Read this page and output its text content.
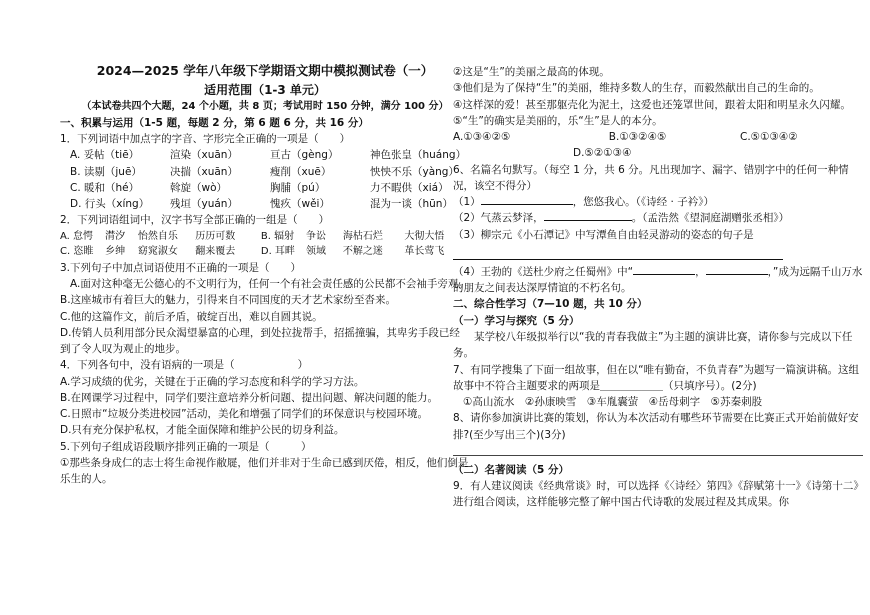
2024—2025 学年八年级下学期语文期中模拟测试卷（一）
适用范围（1-3 单元）

（本试卷共四个大题，24 个小题，共 8 页；考试用时 150 分钟，满分 100 分）

一、积累与运用（1-5 题，每题 2 分，第 6 题 6 分，共 16 分）

1．下列词语中加点字的字音、字形完全正确的一项是（　　）

A. 妥帖（tiē）	渲染（xuān）	亘古（gèng）	神色张皇（huáng）
B. 读剔（juē）	决揣（xuān）	瘦削（xuē）	怏怏不乐（yàng）
C. 暖和（hé）	斡旋（wò）	胸脯（pú）	力不暇供（xiá）
D. 行头（xíng）	残垣（yuán）	愧疚（wěi）	混为一谈（hūn）

2．下列词语组词中，汉字书写全部正确的一组是（　　）

A. 怠愕	潸汐	怡然自乐	历历可数	B. 辐射	争讼	海枯石烂	大彻大悟
C. 恣睢	乡绅	窈窕淑女	翻来覆去	D. 耳畔	领域	不解之迷	革长莺飞

3.下列句子中加点词语使用不正确的一项是（　　）

A.面对这种毫无公德心的不文明行为，任何一个有社会责任感的公民都不会袖手旁观。

B.这座城市有着巨大的魅力，引得来自不同国度的天才艺术家纷至沓来。

C.他的这篇作文，前后矛盾，破绽百出，难以自圆其说。

D.传销人员利用部分民众渴望暴富的心理，到处拉拢帮手，招摇撞骗，其卑劣手段已经到了令人叹为观止的地步。

4．下列各句中，没有语病的一项是（　　　　　　）

A.学习成绩的优劣，关键在于正确的学习态度和科学的学习方法。

B.在网课学习过程中，同学们要注意培养分析问题、提出问题、解决问题的能力。

C.日照市“垃圾分类进校园”活动，美化和增强了同学们的环保意识与校园环境。

D.只有充分保护私权，才能全面保障和维护公民的切身利益。

5.下列句子组成语段顺序排列正确的一项是（　　　）

①那些条身成仁的志士将生命视作敝屣，他们并非对于生命已感到厌倦，相反，他们倒是乐生的人。

②这是“生”的美丽之最高的体现。

③他们是为了保持“生”的美丽，维持多数人的生存，而毅然献出自己的生命的。

④这样深的爱！甚至那躯壳化为泥土，这爱也还笼罩世间，跟着太阳和明星永久闪耀。

⑤“生”的确实是美丽的，乐“生”是人的本分。

A.①③④②⑤	B.①③②④⑤	C.⑤①③④②

D.⑤②①③④

6、名篇名句默写。（每空 1 分，共 6 分。凡出现加字、漏字、错别字中的任何一种情况，该空不得分）

（1）	，您悠我心。（《诗经 · 子衿》）

（2）气蒸云梦泽，	。（孟浩然《望洞庭湖赠张丞相》）

（3）柳宗元《小石潭记》中写潭鱼自由轻灵游动的姿态的句子是

（4）王勃的《送杜少府之任蜀州》中“	，	，”成为远隔千山万水的朋友之间表达深厚情谊的不朽名句。

二、综合性学习（7—10 题，共 10 分）

（一）学习与探究（5 分）

某学校八年级拟举行以“我的青春我做主”为主题的演讲比赛，请你参与完成以下任务。

7、有同学搜集了下面一组故事，但在以“唯有勤奋，不负青春”为题写一篇演讲稿。这组故事中不符合主题要求的两项是＿＿＿＿＿＿（只填序号）。(2分)

①高山流水　②孙康映雪　③车胤囊萤　④岳母刺字　⑤苏秦刺股

8、请你参加演讲比赛的策划，你认为本次活动有哪些环节需要在比赛正式开始前做好安排?(至少写出三个)(3分)

（二）名著阅读（5 分）

9．有人建议阅读《经典常谈》时，可以选择《〈诗经〉第四》《辞赋第十一》《诗第十二》进行组合阅读，这样能够完整了解中国古代诗歌的发展过程及其成果。你
